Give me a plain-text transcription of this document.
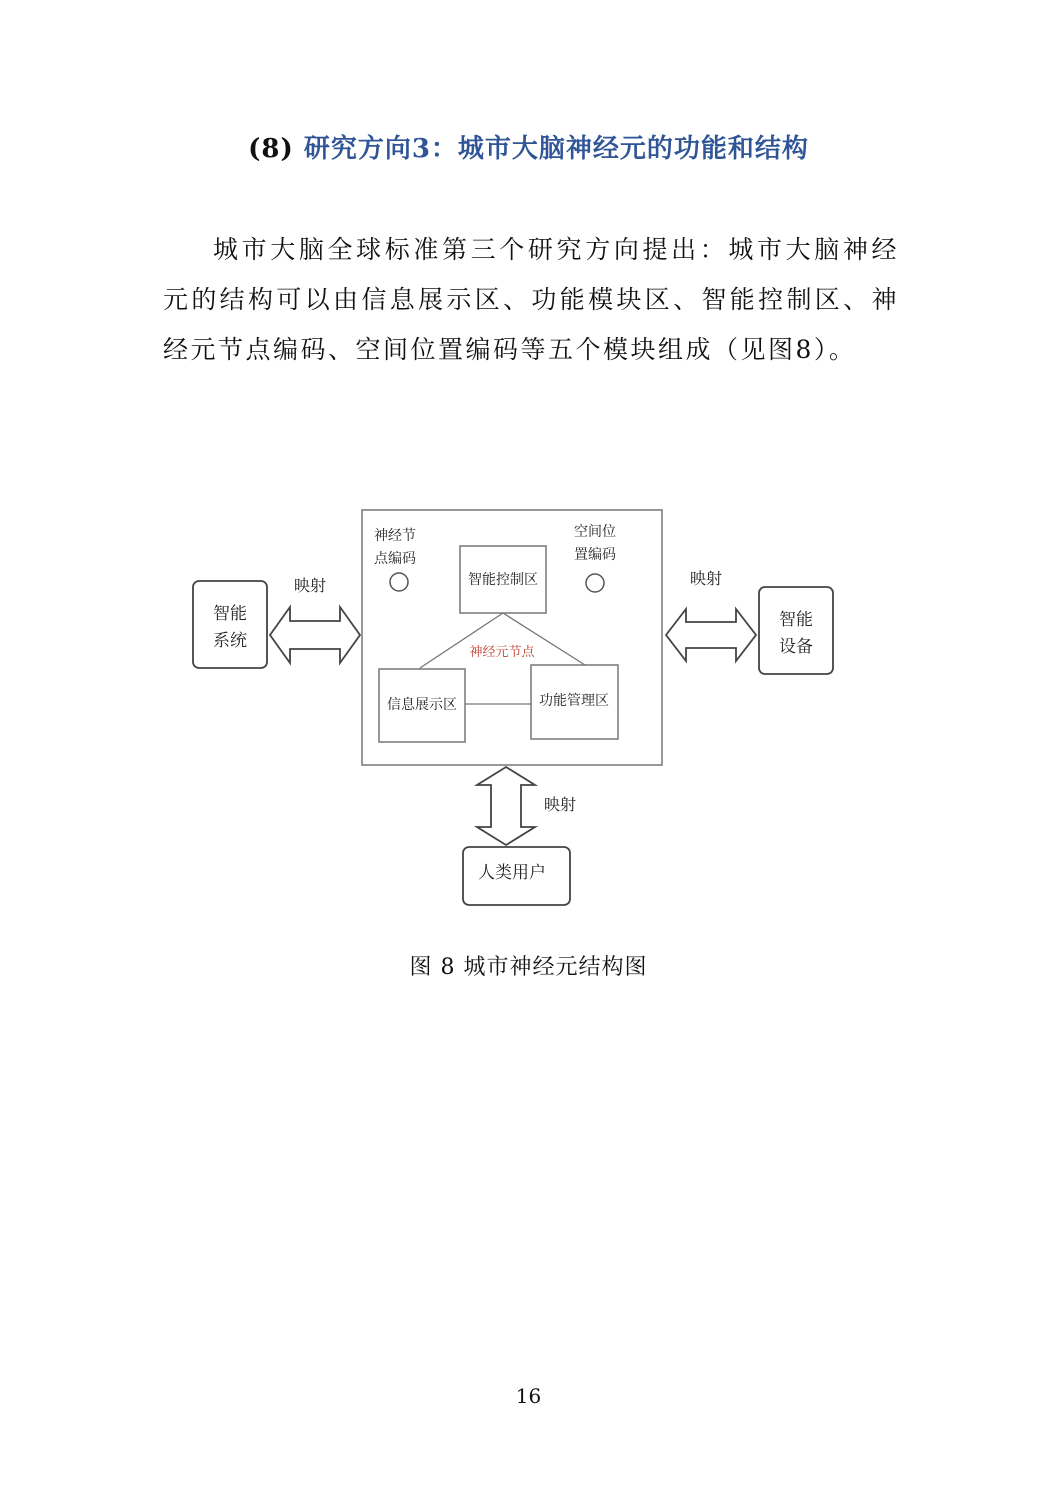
(8) 研究方向3：城市大脑神经元的功能和结构
城市大脑全球标准第三个研究方向提出：城市大脑神经元的结构可以由信息展示区、功能模块区、智能控制区、神经元节点编码、空间位置编码等五个模块组成（见图8）。
智能
系统
映射
智能
设备
映射
映射
人类用户
神经节
点编码
空间位
置编码
智能控制区
神经元节点
信息展示区	功能管理区
图 8 城市神经元结构图
16
